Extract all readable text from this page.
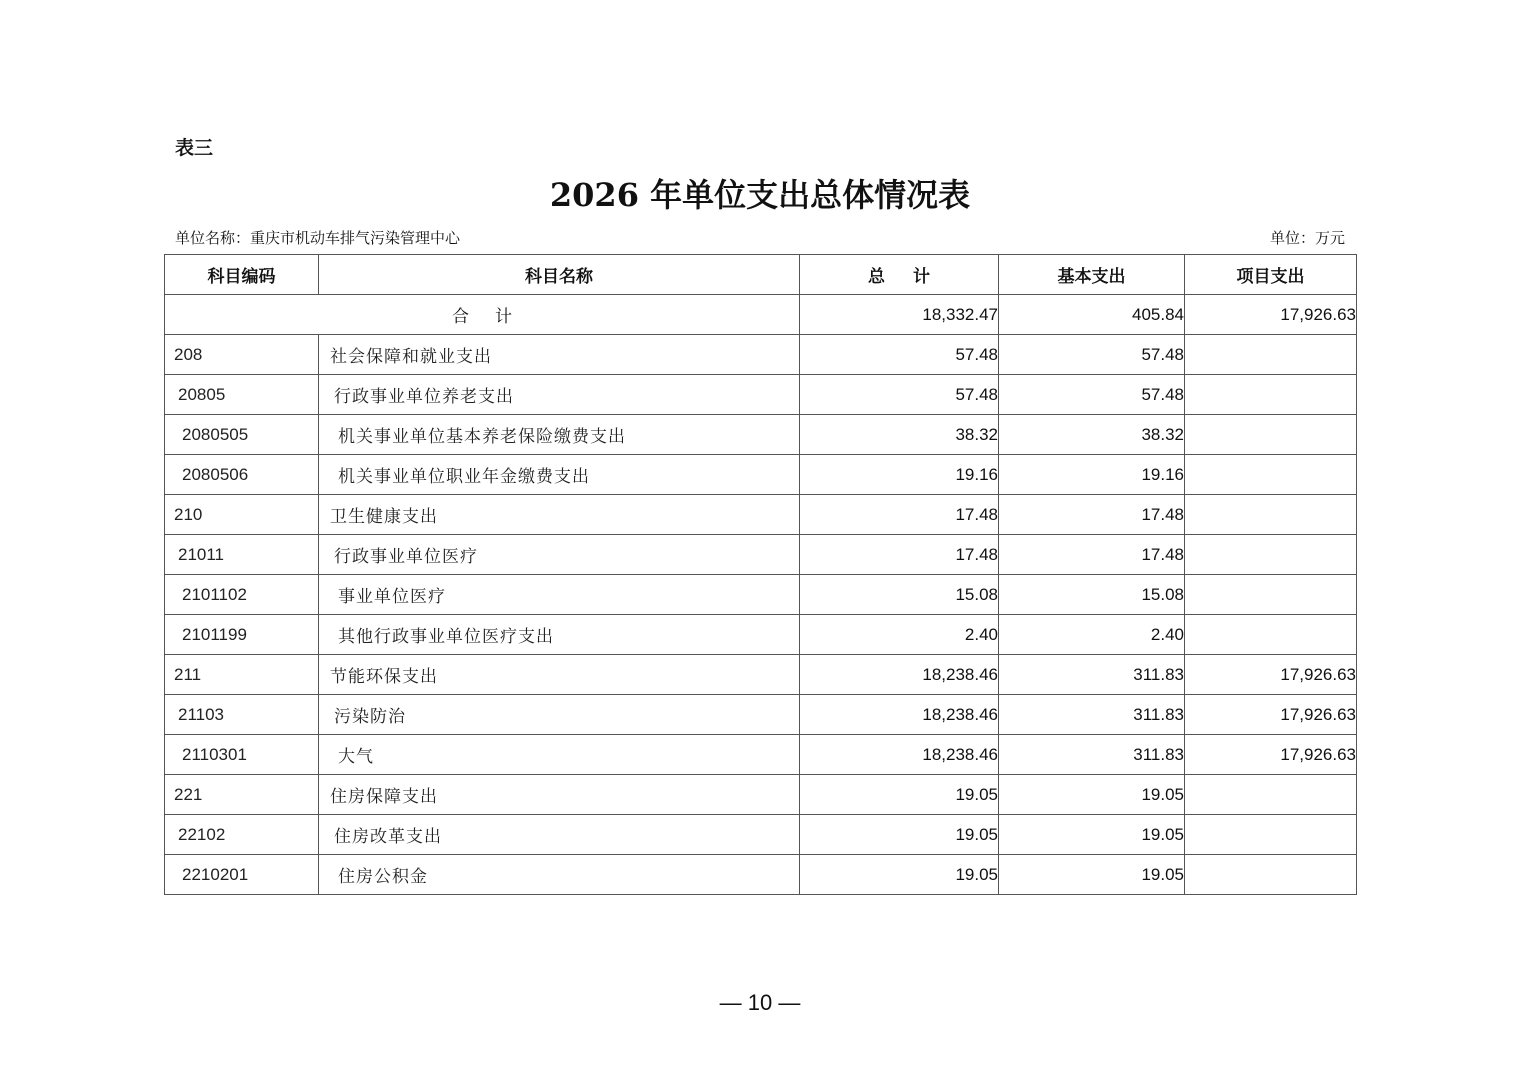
表三
2026 年单位支出总体情况表
单位名称：重庆市机动车排气污染管理中心	单位：万元
科目编码	科目名称	总计	基本支出	项目支出
合计		18,332.47	405.84	17,926.63
208	社会保障和就业支出	57.48	57.48	
20805	行政事业单位养老支出	57.48	57.48	
2080505	机关事业单位基本养老保险缴费支出	38.32	38.32	
2080506	机关事业单位职业年金缴费支出	19.16	19.16	
210	卫生健康支出	17.48	17.48	
21011	行政事业单位医疗	17.48	17.48	
2101102	事业单位医疗	15.08	15.08	
2101199	其他行政事业单位医疗支出	2.40	2.40	
211	节能环保支出	18,238.46	311.83	17,926.63
21103	污染防治	18,238.46	311.83	17,926.63
2110301	大气	18,238.46	311.83	17,926.63
221	住房保障支出	19.05	19.05	
22102	住房改革支出	19.05	19.05	
2210201	住房公积金	19.05	19.05	
— 10 —
